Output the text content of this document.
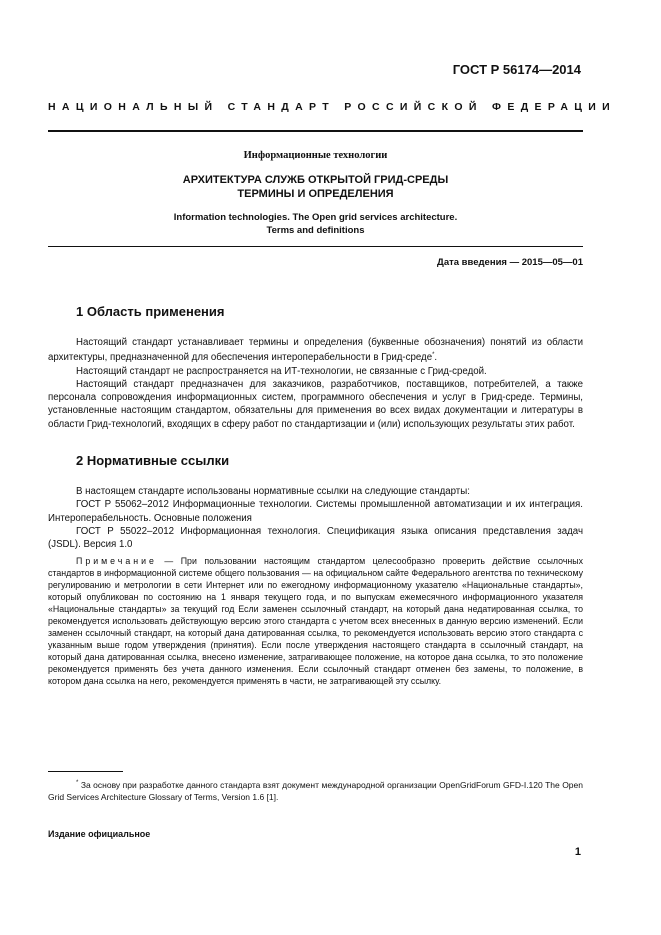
ГОСТ Р 56174—2014
НАЦИОНАЛЬНЫЙ СТАНДАРТ РОССИЙСКОЙ ФЕДЕРАЦИИ
Информационные технологии
АРХИТЕКТУРА СЛУЖБ ОТКРЫТОЙ ГРИД-СРЕДЫ
ТЕРМИНЫ И ОПРЕДЕЛЕНИЯ
Information technologies. The Open grid services architecture.
Terms and definitions
Дата введения — 2015—05—01
1 Область применения

Настоящий стандарт устанавливает термины и определения (буквенные обозначения) понятий из области архитектуры, предназначенной для обеспечения интероперабельности в Грид-среде*.

Настоящий стандарт не распространяется на ИТ-технологии, не связанные с Грид-средой.

Настоящий стандарт предназначен для заказчиков, разработчиков, поставщиков, потребителей, а также персонала сопровождения информационных систем, программного обеспечения и услуг в Грид-среде. Термины, установленные настоящим стандартом, обязательны для применения во всех видах документации и литературы в области Грид-технологий, входящих в сферу работ по стандартизации и (или) использующих результаты этих работ.

2 Нормативные ссылки

В настоящем стандарте использованы нормативные ссылки на следующие стандарты:

ГОСТ Р 55062–2012 Информационные технологии. Системы промышленной автоматизации и их интеграция. Интероперабельность. Основные положения

ГОСТ Р 55022–2012 Информационная технология. Спецификация языка описания представления задач (JSDL). Версия 1.0

Примечание — При пользовании настоящим стандартом целесообразно проверить действие ссылочных стандартов в информационной системе общего пользования — на официальном сайте Федерального агентства по техническому регулированию и метрологии в сети Интернет или по ежегодному информационному указателю «Национальные стандарты», который опубликован по состоянию на 1 января текущего года, и по выпускам ежемесячного информационного указателя «Национальные стандарты» за текущий год Если заменен ссылочный стандарт, на который дана недатированная ссылка, то рекомендуется использовать действующую версию этого стандарта с учетом всех внесенных в данную версию изменений. Если заменен ссылочный стандарт, на который дана датированная ссылка, то рекомендуется использовать версию этого стандарта с указанным выше годом утверждения (принятия). Если после утверждения настоящего стандарта в ссылочный стандарт, на который дана датированная ссылка, внесено изменение, затрагивающее положение, на которое дана ссылка, то это положение рекомендуется применять без учета данного изменения. Если ссылочный стандарт отменен без замены, то положение, в котором дана ссылка на него, рекомендуется применять в части, не затрагивающей эту ссылку.

* За основу при разработке данного стандарта взят документ международной организации OpenGridForum GFD-I.120 The Open Grid Services Architecture Glossary of Terms, Version 1.6 [1].
Издание официальное
1
